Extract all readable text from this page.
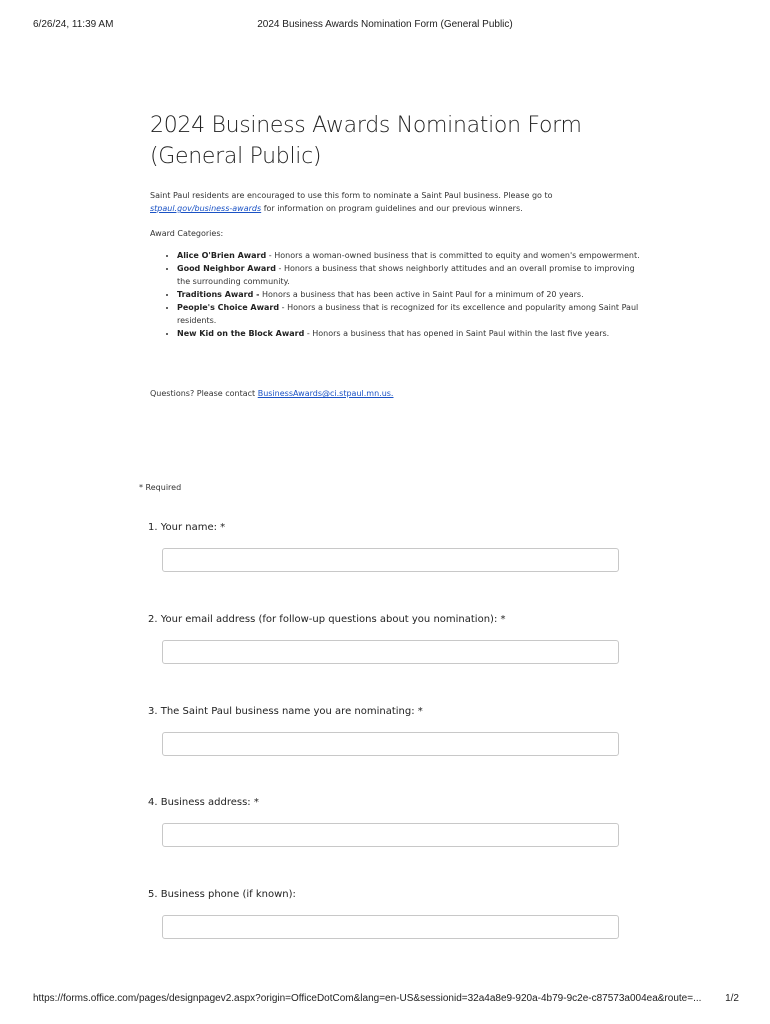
6/26/24, 11:39 AM	2024 Business Awards Nomination Form (General Public)
2024 Business Awards Nomination Form (General Public)
Saint Paul residents are encouraged to use this form to nominate a Saint Paul business. Please go to stpaul.gov/business-awards for information on program guidelines and our previous winners.
Award Categories:
• Alice O'Brien Award - Honors a woman-owned business that is committed to equity and women's empowerment.
• Good Neighbor Award - Honors a business that shows neighborly attitudes and an overall promise to improving the surrounding community.
• Traditions Award - Honors a business that has been active in Saint Paul for a minimum of 20 years.
• People's Choice Award - Honors a business that is recognized for its excellence and popularity among Saint Paul residents.
• New Kid on the Block Award - Honors a business that has opened in Saint Paul within the last five years.
Questions? Please contact BusinessAwards@ci.stpaul.mn.us.
* Required
1. Your name: *
2. Your email address (for follow-up questions about you nomination): *
3. The Saint Paul business name you are nominating: *
4. Business address: *
5. Business phone (if known):
https://forms.office.com/pages/designpagev2.aspx?origin=OfficeDotCom&lang=en-US&sessionid=32a4a8e9-920a-4b79-9c2e-c87573a004ea&route=...	1/2
